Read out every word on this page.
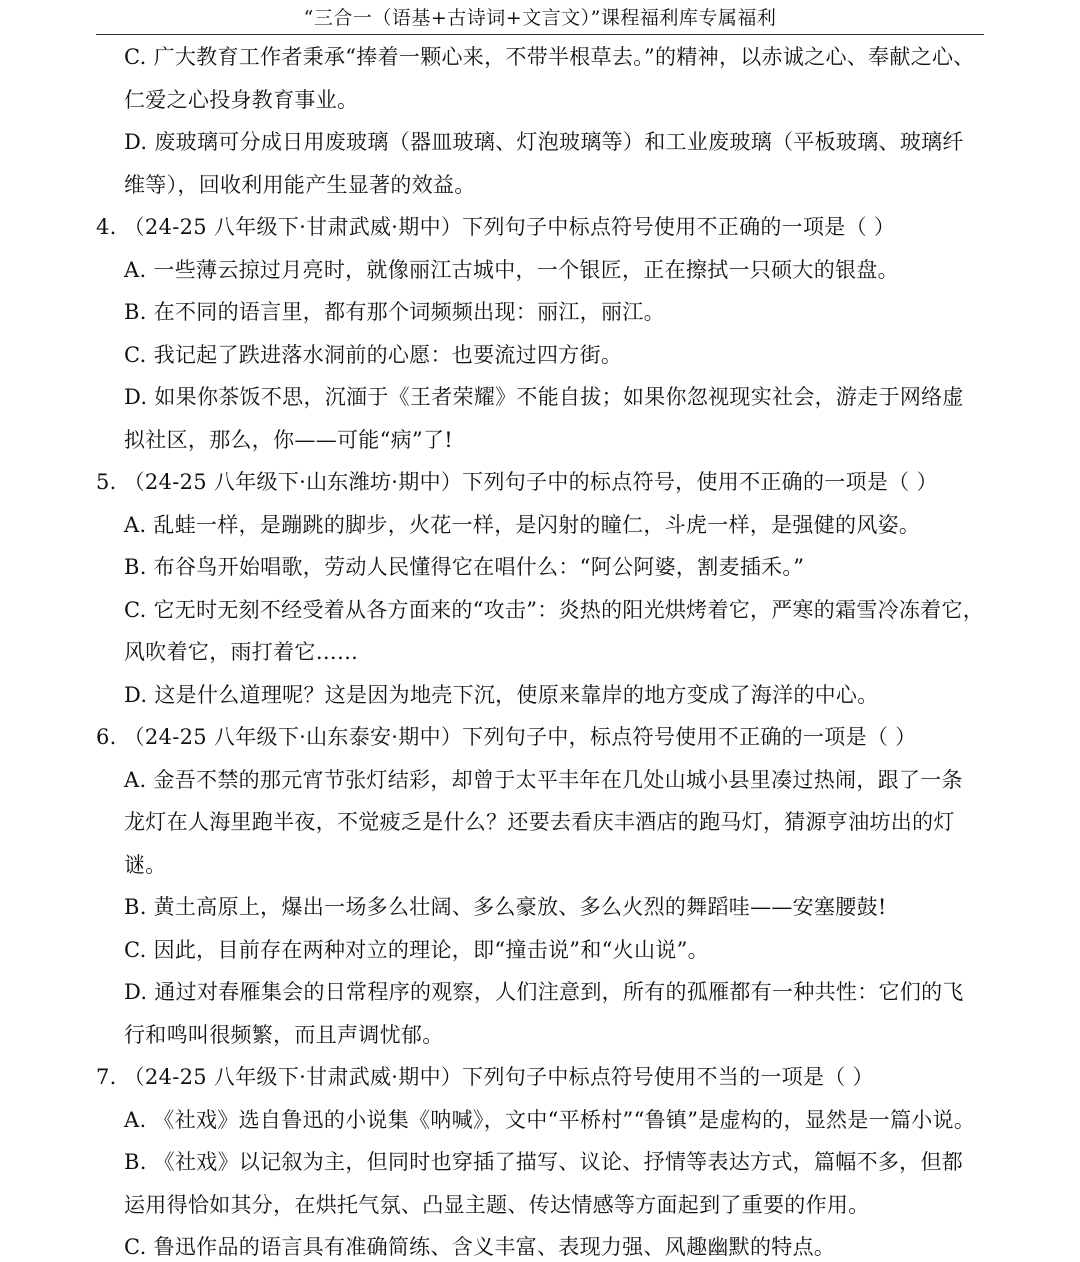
“三合一（语基+古诗词+文言文）”课程福利库专属福利
C. 广大教育工作者秉承“捧着一颗心来，不带半根草去。”的精神，以赤诚之心、奉献之心、
仁爱之心投身教育事业。
D. 废玻璃可分成日用废玻璃（器皿玻璃、灯泡玻璃等）和工业废玻璃（平板玻璃、玻璃纤
维等），回收利用能产生显著的效益。
4. （24-25 八年级下·甘肃武威·期中）下列句子中标点符号使用不正确的一项是（ ）
A. 一些薄云掠过月亮时，就像丽江古城中，一个银匠，正在擦拭一只硕大的银盘。
B. 在不同的语言里，都有那个词频频出现：丽江，丽江。
C. 我记起了跌进落水洞前的心愿：也要流过四方街。
D. 如果你茶饭不思，沉湎于《王者荣耀》不能自拔；如果你忽视现实社会，游走于网络虚
拟社区，那么，你——可能“病”了!
5. （24-25 八年级下·山东潍坊·期中）下列句子中的标点符号，使用不正确的一项是（ ）
A. 乱蛙一样，是蹦跳的脚步，火花一样，是闪射的瞳仁，斗虎一样，是强健的风姿。
B. 布谷鸟开始唱歌，劳动人民懂得它在唱什么：“阿公阿婆，割麦插禾。”
C. 它无时无刻不经受着从各方面来的“攻击”：炎热的阳光烘烤着它，严寒的霜雪冷冻着它，
风吹着它，雨打着它……
D. 这是什么道理呢？这是因为地壳下沉，使原来靠岸的地方变成了海洋的中心。
6. （24-25 八年级下·山东泰安·期中）下列句子中，标点符号使用不正确的一项是（ ）
A. 金吾不禁的那元宵节张灯结彩，却曾于太平丰年在几处山城小县里凑过热闹，跟了一条
龙灯在人海里跑半夜，不觉疲乏是什么？还要去看庆丰酒店的跑马灯，猜源亨油坊出的灯
谜。
B. 黄土高原上，爆出一场多么壮阔、多么豪放、多么火烈的舞蹈哇——安塞腰鼓!
C. 因此，目前存在两种对立的理论，即“撞击说”和“火山说”。
D. 通过对春雁集会的日常程序的观察，人们注意到，所有的孤雁都有一种共性：它们的飞
行和鸣叫很频繁，而且声调忧郁。
7. （24-25 八年级下·甘肃武威·期中）下列句子中标点符号使用不当的一项是（ ）
A. 《社戏》选自鲁迅的小说集《呐喊》，文中“平桥村”“鲁镇”是虚构的，显然是一篇小说。
B. 《社戏》以记叙为主，但同时也穿插了描写、议论、抒情等表达方式，篇幅不多，但都
运用得恰如其分，在烘托气氛、凸显主题、传达情感等方面起到了重要的作用。
C. 鲁迅作品的语言具有准确简练、含义丰富、表现力强、风趣幽默的特点。
